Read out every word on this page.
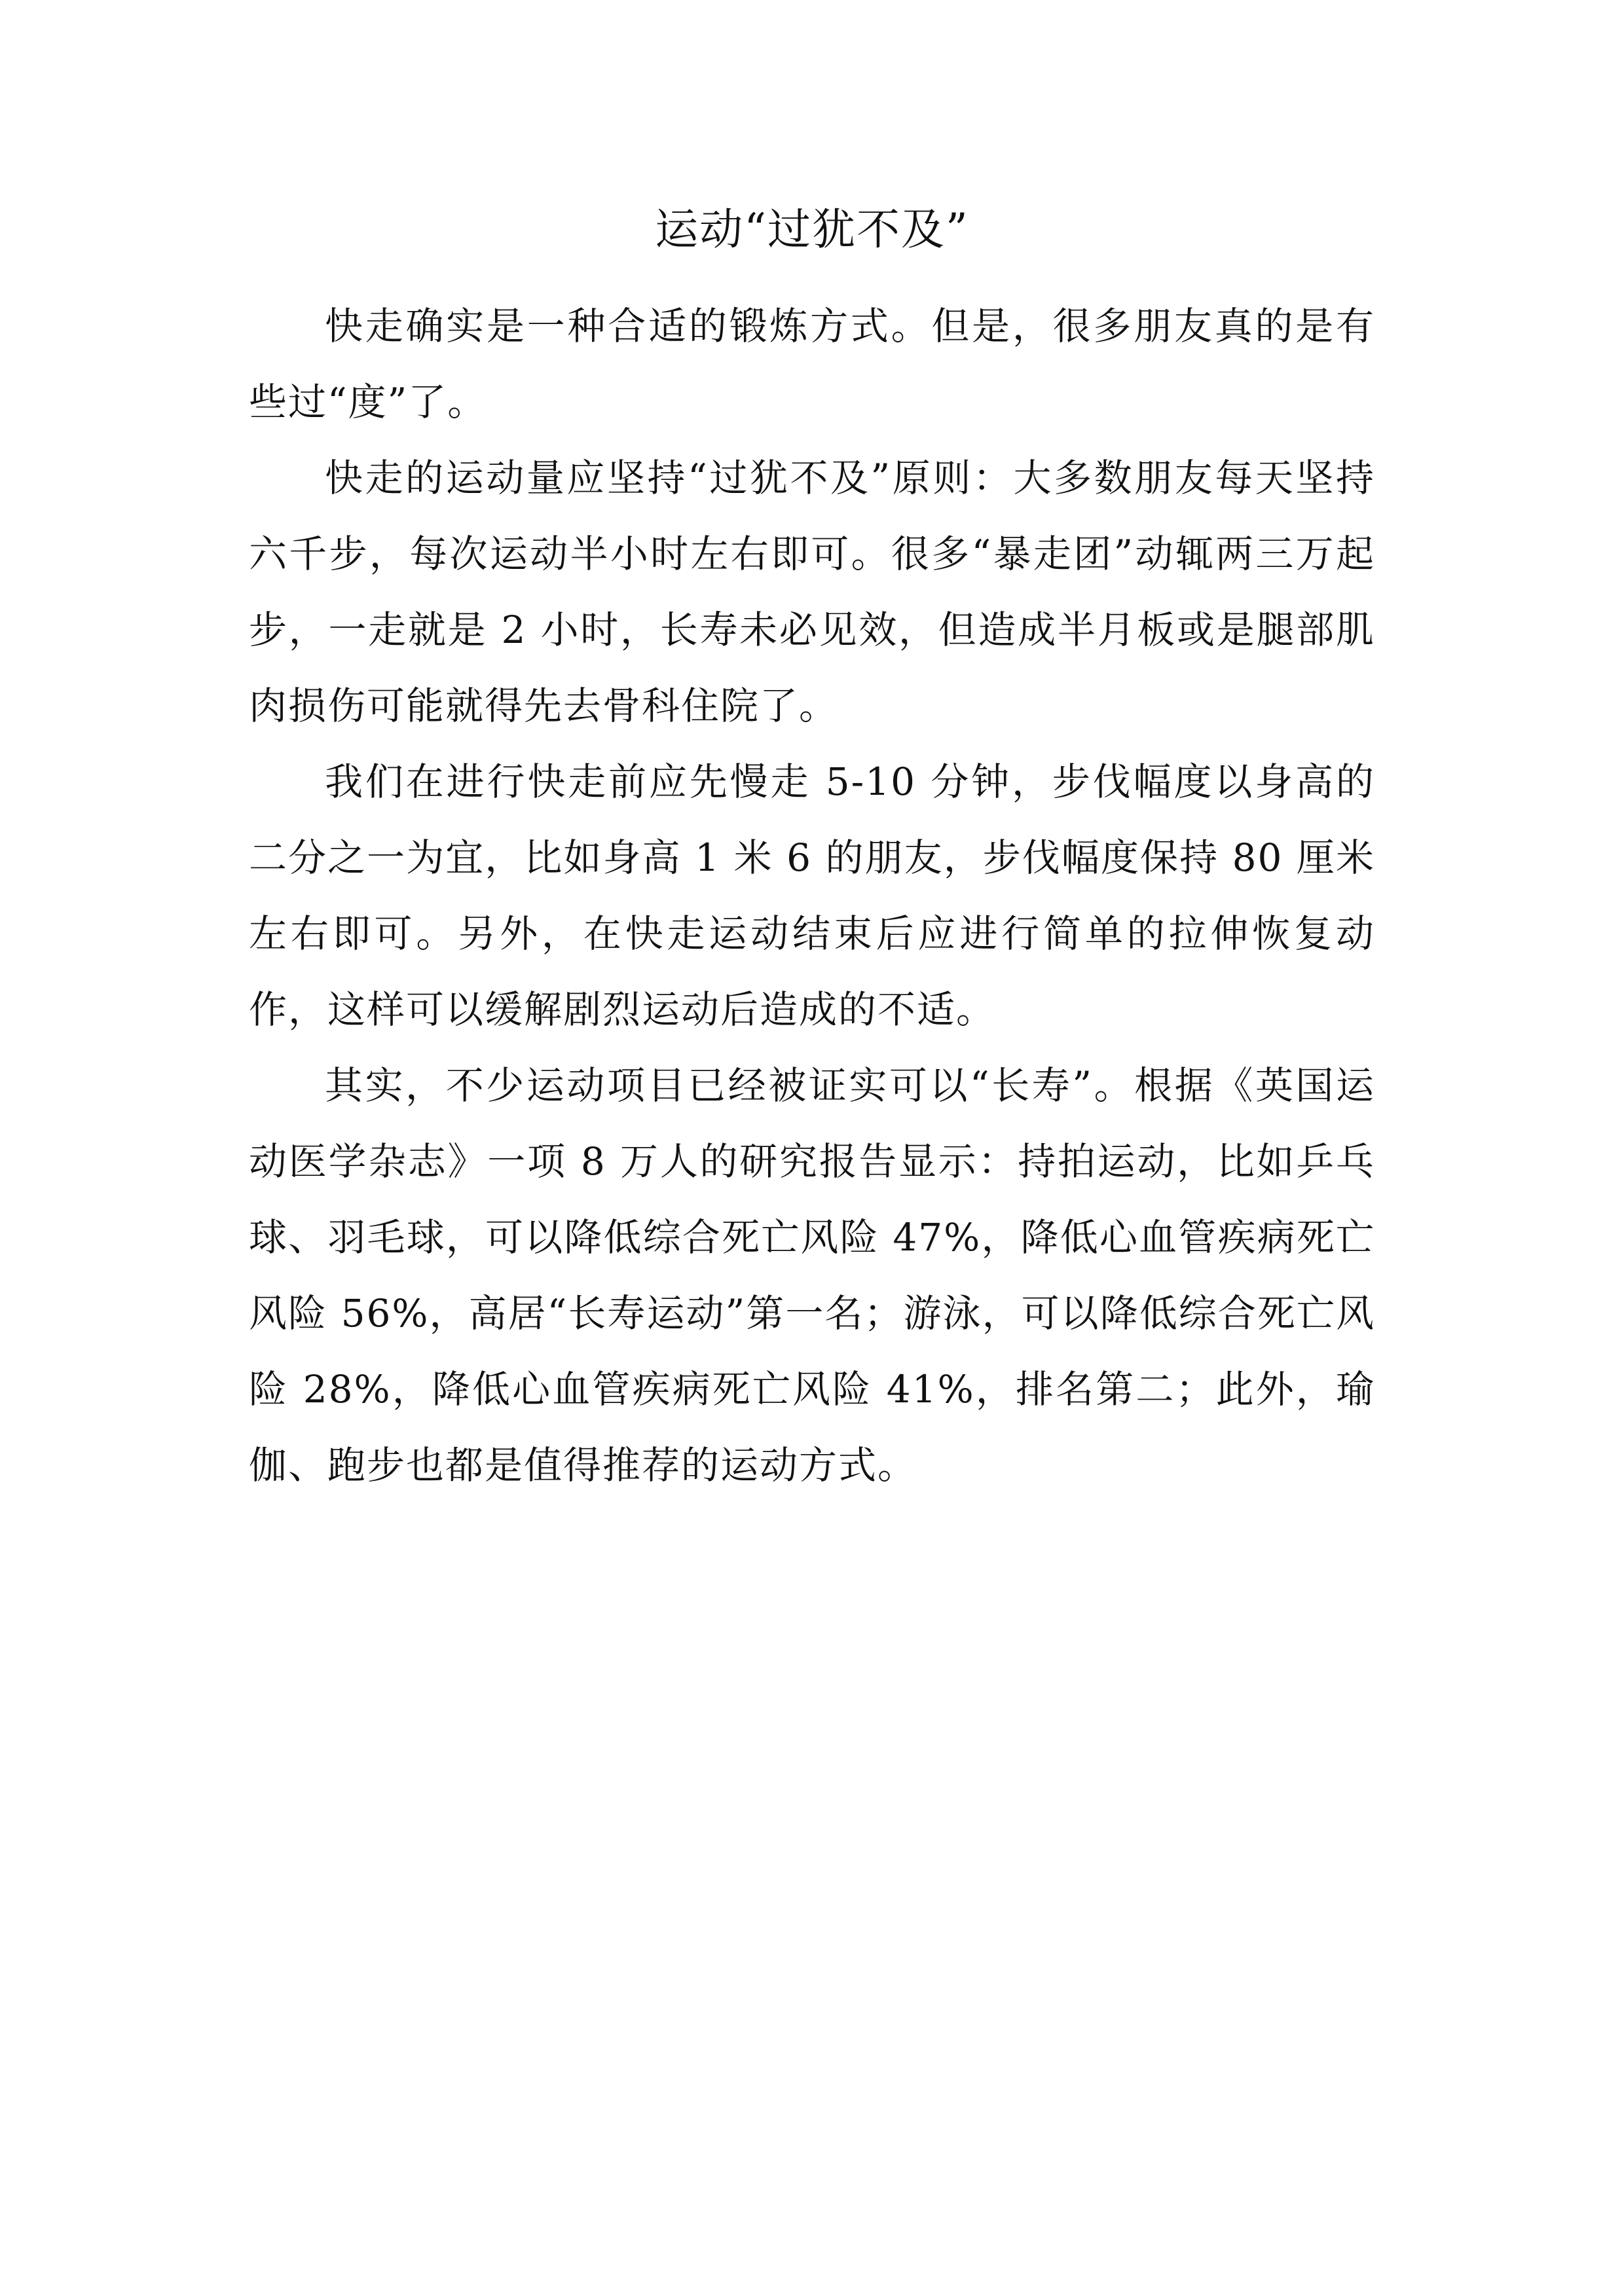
运动“过犹不及”

快走确实是一种合适的锻炼方式。但是，很多朋友真的是有些过“度”了。

快走的运动量应坚持“过犹不及”原则：大多数朋友每天坚持六千步，每次运动半小时左右即可。很多“暴走团”动辄两三万起步，一走就是 2 小时，长寿未必见效，但造成半月板或是腿部肌肉损伤可能就得先去骨科住院了。

我们在进行快走前应先慢走 5-10 分钟，步伐幅度以身高的二分之一为宜，比如身高 1 米 6 的朋友，步伐幅度保持 80 厘米左右即可。另外，在快走运动结束后应进行简单的拉伸恢复动作，这样可以缓解剧烈运动后造成的不适。

其实，不少运动项目已经被证实可以“长寿”。根据《英国运动医学杂志》一项 8 万人的研究报告显示：持拍运动，比如乒乓球、羽毛球，可以降低综合死亡风险 47%，降低心血管疾病死亡风险 56%，高居“长寿运动”第一名；游泳，可以降低综合死亡风险 28%，降低心血管疾病死亡风险 41%，排名第二；此外，瑜伽、跑步也都是值得推荐的运动方式。
